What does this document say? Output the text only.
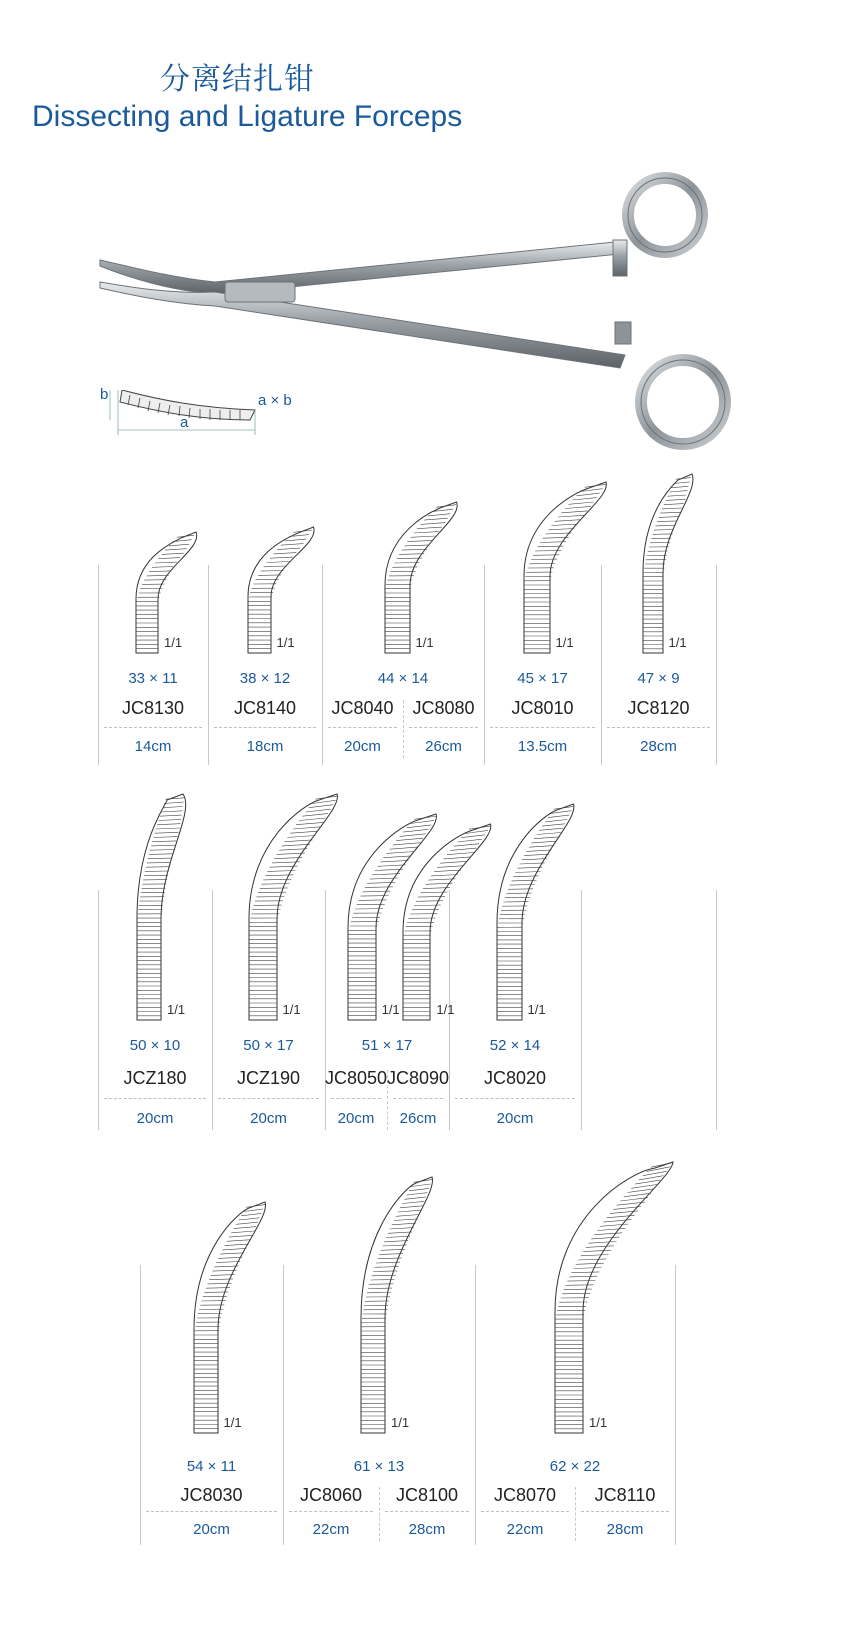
分离结扎钳
Dissecting and Ligature Forceps
b
a
a × b
1/1
33 × 11
JC8130
14cm
1/1
38 × 12
JC8140
18cm
1/1
44 × 14
JC8040
20cm
JC8080
26cm
1/1
45 × 17
JC8010
13.5cm
1/1
47 × 9
JC8120
28cm
1/1
50 × 10
JCZ180
20cm
1/1
50 × 17
JCZ190
20cm
1/1	1/1
51 × 17
JC8050
20cm
JC8090
26cm
1/1
52 × 14
JC8020
20cm
1/1
54 × 11
JC8030
20cm
1/1
61 × 13
JC8060
22cm
JC8100
28cm
1/1
62 × 22
JC8070
22cm
JC8110
28cm
